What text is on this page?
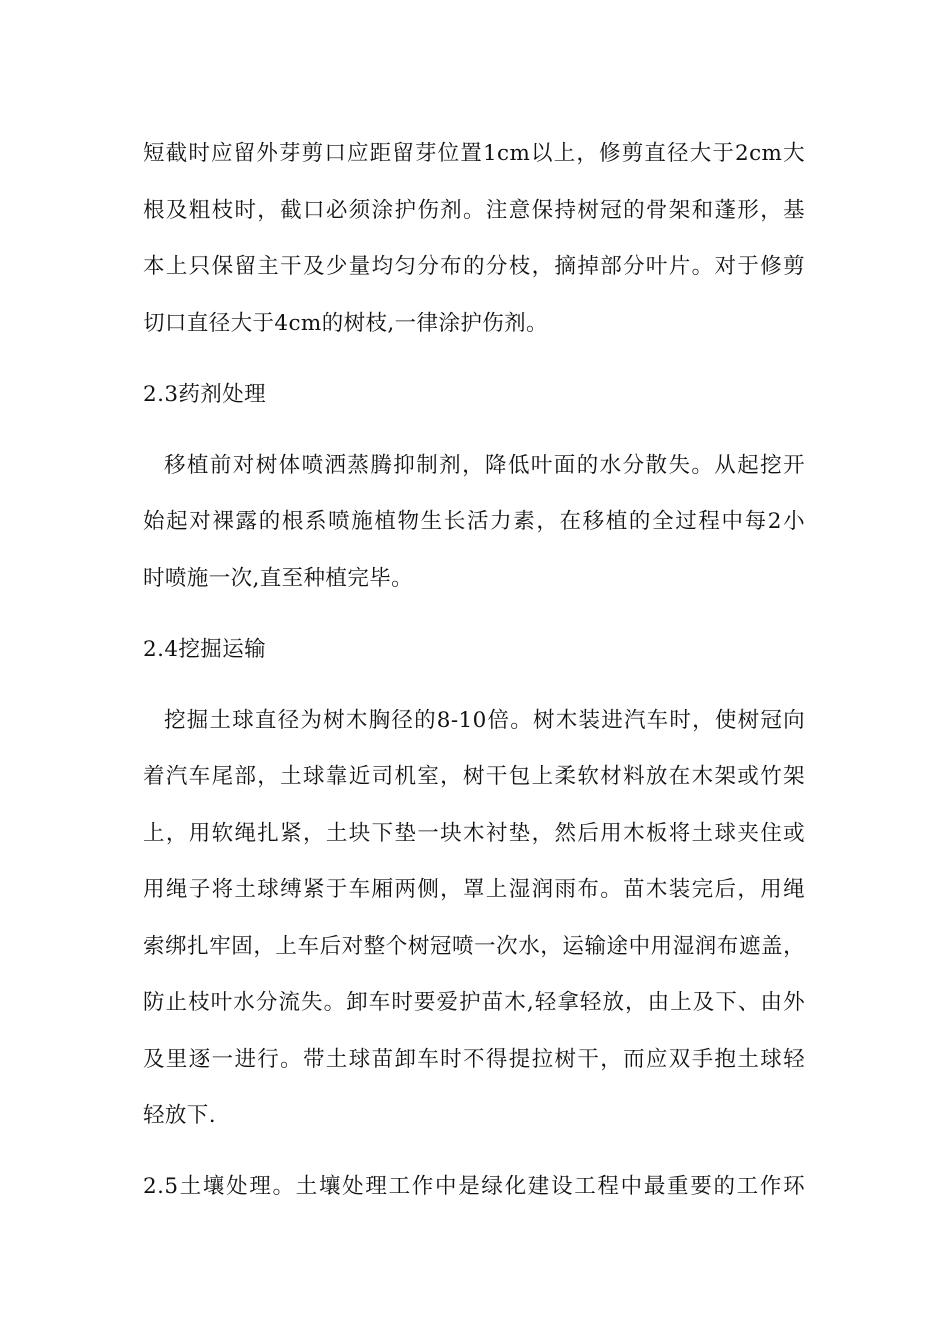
短截时应留外芽剪口应距留芽位置1cm以上，修剪直径大于2cm大
根及粗枝时，截口必须涂护伤剂。注意保持树冠的骨架和蓬形，基
本上只保留主干及少量均匀分布的分枝，摘掉部分叶片。对于修剪
切口直径大于4cm的树枝,一律涂护伤剂。
2.3药剂处理
移植前对树体喷洒蒸腾抑制剂，降低叶面的水分散失。从起挖开
始起对裸露的根系喷施植物生长活力素，在移植的全过程中每2小
时喷施一次,直至种植完毕。
2.4挖掘运输
挖掘土球直径为树木胸径的8-10倍。树木装进汽车时，使树冠向
着汽车尾部，土球靠近司机室，树干包上柔软材料放在木架或竹架
上，用软绳扎紧，土块下垫一块木衬垫，然后用木板将土球夹住或
用绳子将土球缚紧于车厢两侧，罩上湿润雨布。苗木装完后，用绳
索绑扎牢固，上车后对整个树冠喷一次水，运输途中用湿润布遮盖，
防止枝叶水分流失。卸车时要爱护苗木,轻拿轻放，由上及下、由外
及里逐一进行。带土球苗卸车时不得提拉树干，而应双手抱土球轻
轻放下.
2.5土壤处理。土壤处理工作中是绿化建设工程中最重要的工作环
